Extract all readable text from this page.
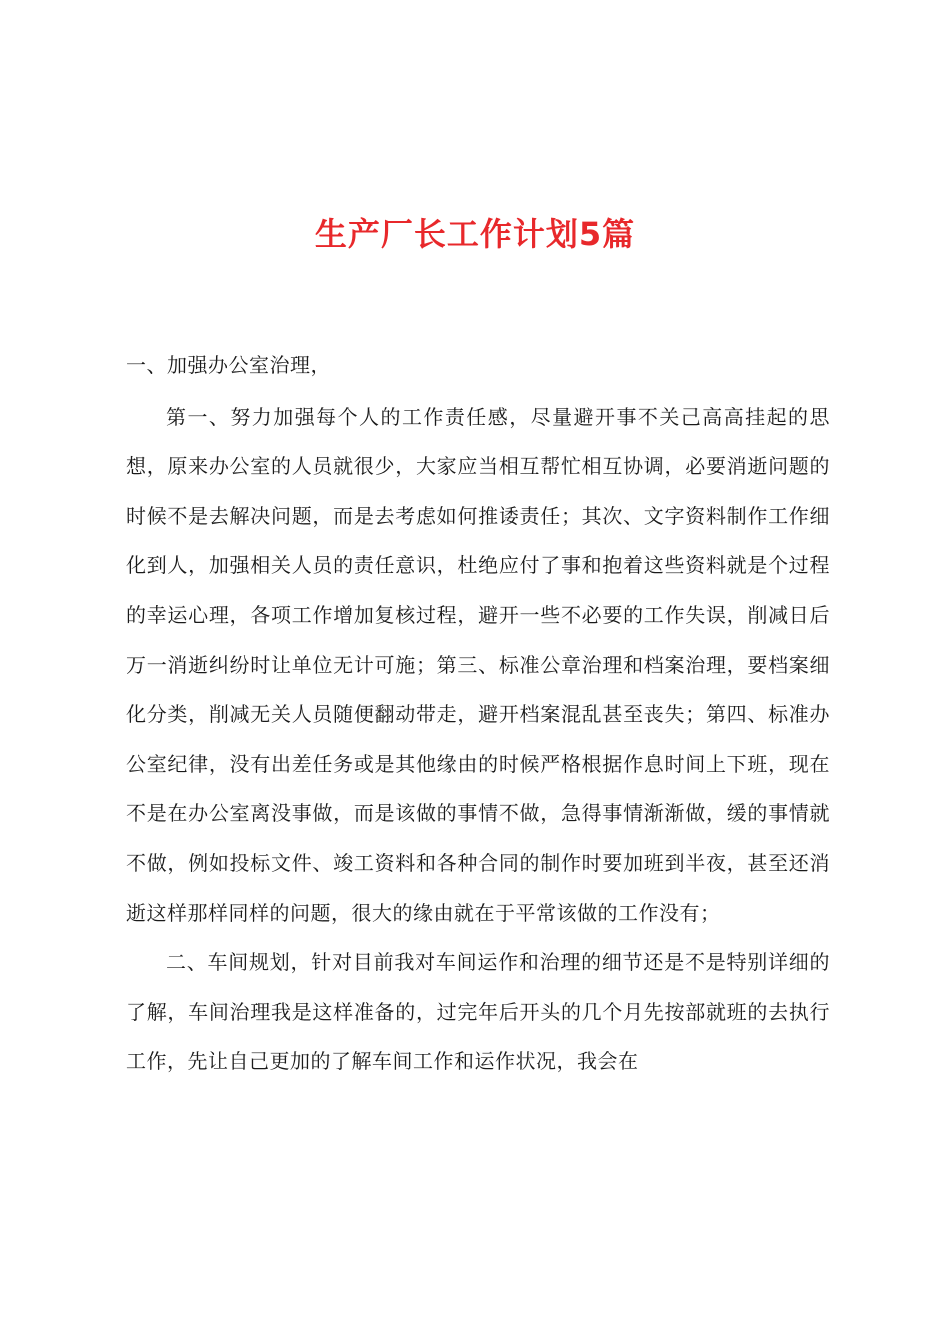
生产厂长工作计划5篇

一、加强办公室治理，

第一、努力加强每个人的工作责任感，尽量避开事不关己高高挂起的思想，原来办公室的人员就很少，大家应当相互帮忙相互协调，必要消逝问题的时候不是去解决问题，而是去考虑如何推诿责任；其次、文字资料制作工作细化到人，加强相关人员的责任意识，杜绝应付了事和抱着这些资料就是个过程的幸运心理，各项工作增加复核过程，避开一些不必要的工作失误，削减日后万一消逝纠纷时让单位无计可施；第三、标准公章治理和档案治理，要档案细化分类，削减无关人员随便翻动带走，避开档案混乱甚至丧失；第四、标准办公室纪律，没有出差任务或是其他缘由的时候严格根据作息时间上下班，现在不是在办公室离没事做，而是该做的事情不做，急得事情渐渐做，缓的事情就不做，例如投标文件、竣工资料和各种合同的制作时要加班到半夜，甚至还消逝这样那样同样的问题，很大的缘由就在于平常该做的工作没有；

二、车间规划，针对目前我对车间运作和治理的细节还是不是特别详细的了解，车间治理我是这样准备的，过完年后开头的几个月先按部就班的去执行工作，先让自己更加的了解车间工作和运作状况，我会在
